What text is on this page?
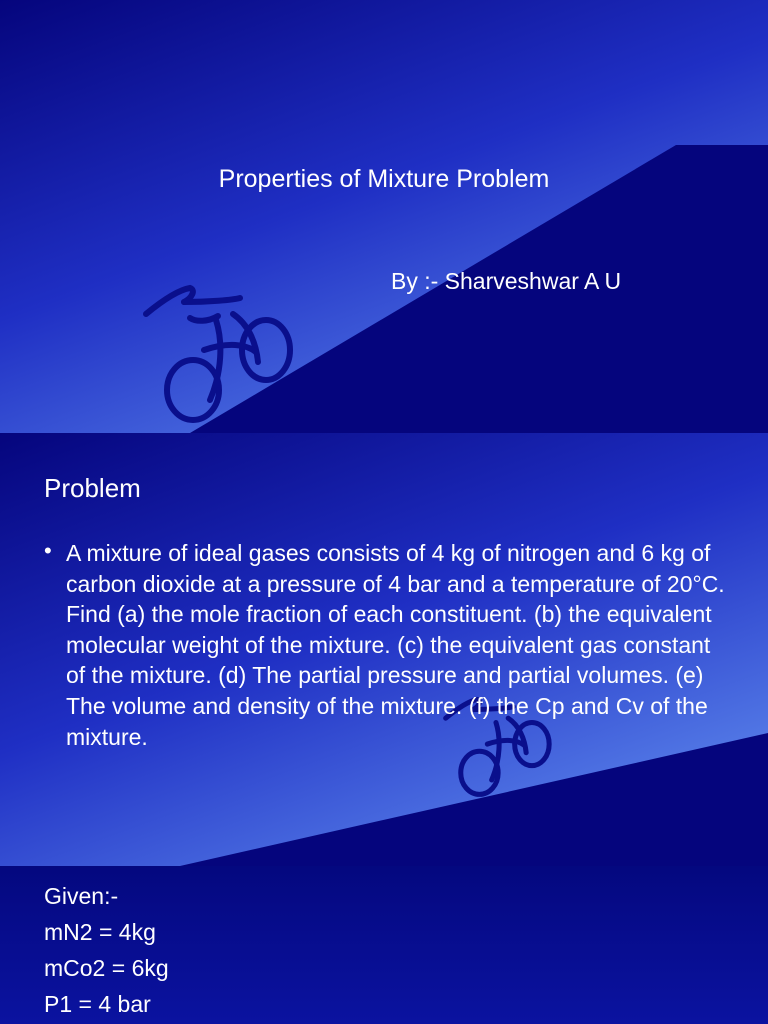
Properties of Mixture Problem
By :- Sharveshwar A U
Problem
• A mixture of ideal gases consists of 4 kg of nitrogen and 6 kg of carbon dioxide at a pressure of 4 bar and a temperature of 20°C. Find (a) the mole fraction of each constituent. (b) the equivalent molecular weight of the mixture. (c) the equivalent gas constant of the mixture. (d) The partial pressure and partial volumes. (e) The volume and density of the mixture. (f) the Cp and Cv of the mixture.
Given:-
mN2 = 4kg
mCo2 = 6kg
P1 = 4 bar
